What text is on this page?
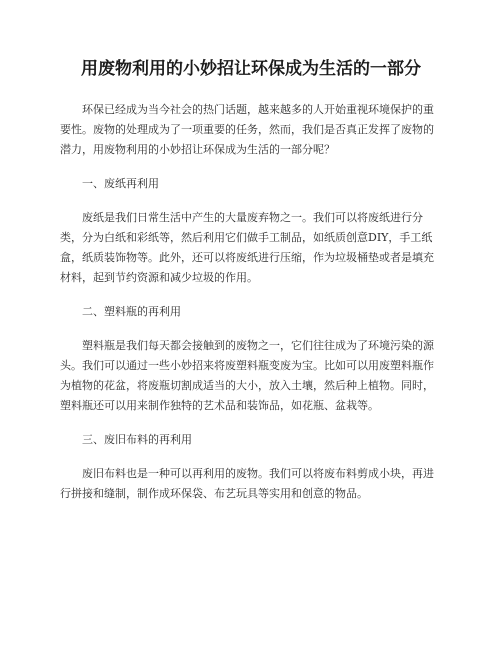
用废物利用的小妙招让环保成为生活的一部分

环保已经成为当今社会的热门话题，越来越多的人开始重视环境保护的重要性。废物的处理成为了一项重要的任务，然而，我们是否真正发挥了废物的潜力，用废物利用的小妙招让环保成为生活的一部分呢？

一、废纸再利用

废纸是我们日常生活中产生的大量废弃物之一。我们可以将废纸进行分类，分为白纸和彩纸等，然后利用它们做手工制品，如纸质创意DIY，手工纸盒，纸质装饰物等。此外，还可以将废纸进行压缩，作为垃圾桶垫或者是填充材料，起到节约资源和减少垃圾的作用。

二、塑料瓶的再利用

塑料瓶是我们每天都会接触到的废物之一，它们往往成为了环境污染的源头。我们可以通过一些小妙招来将废塑料瓶变废为宝。比如可以用废塑料瓶作为植物的花盆，将废瓶切割成适当的大小，放入土壤，然后种上植物。同时，塑料瓶还可以用来制作独特的艺术品和装饰品，如花瓶、盆栽等。

三、废旧布料的再利用

废旧布料也是一种可以再利用的废物。我们可以将废布料剪成小块，再进行拼接和缝制，制作成环保袋、布艺玩具等实用和创意的物品。
